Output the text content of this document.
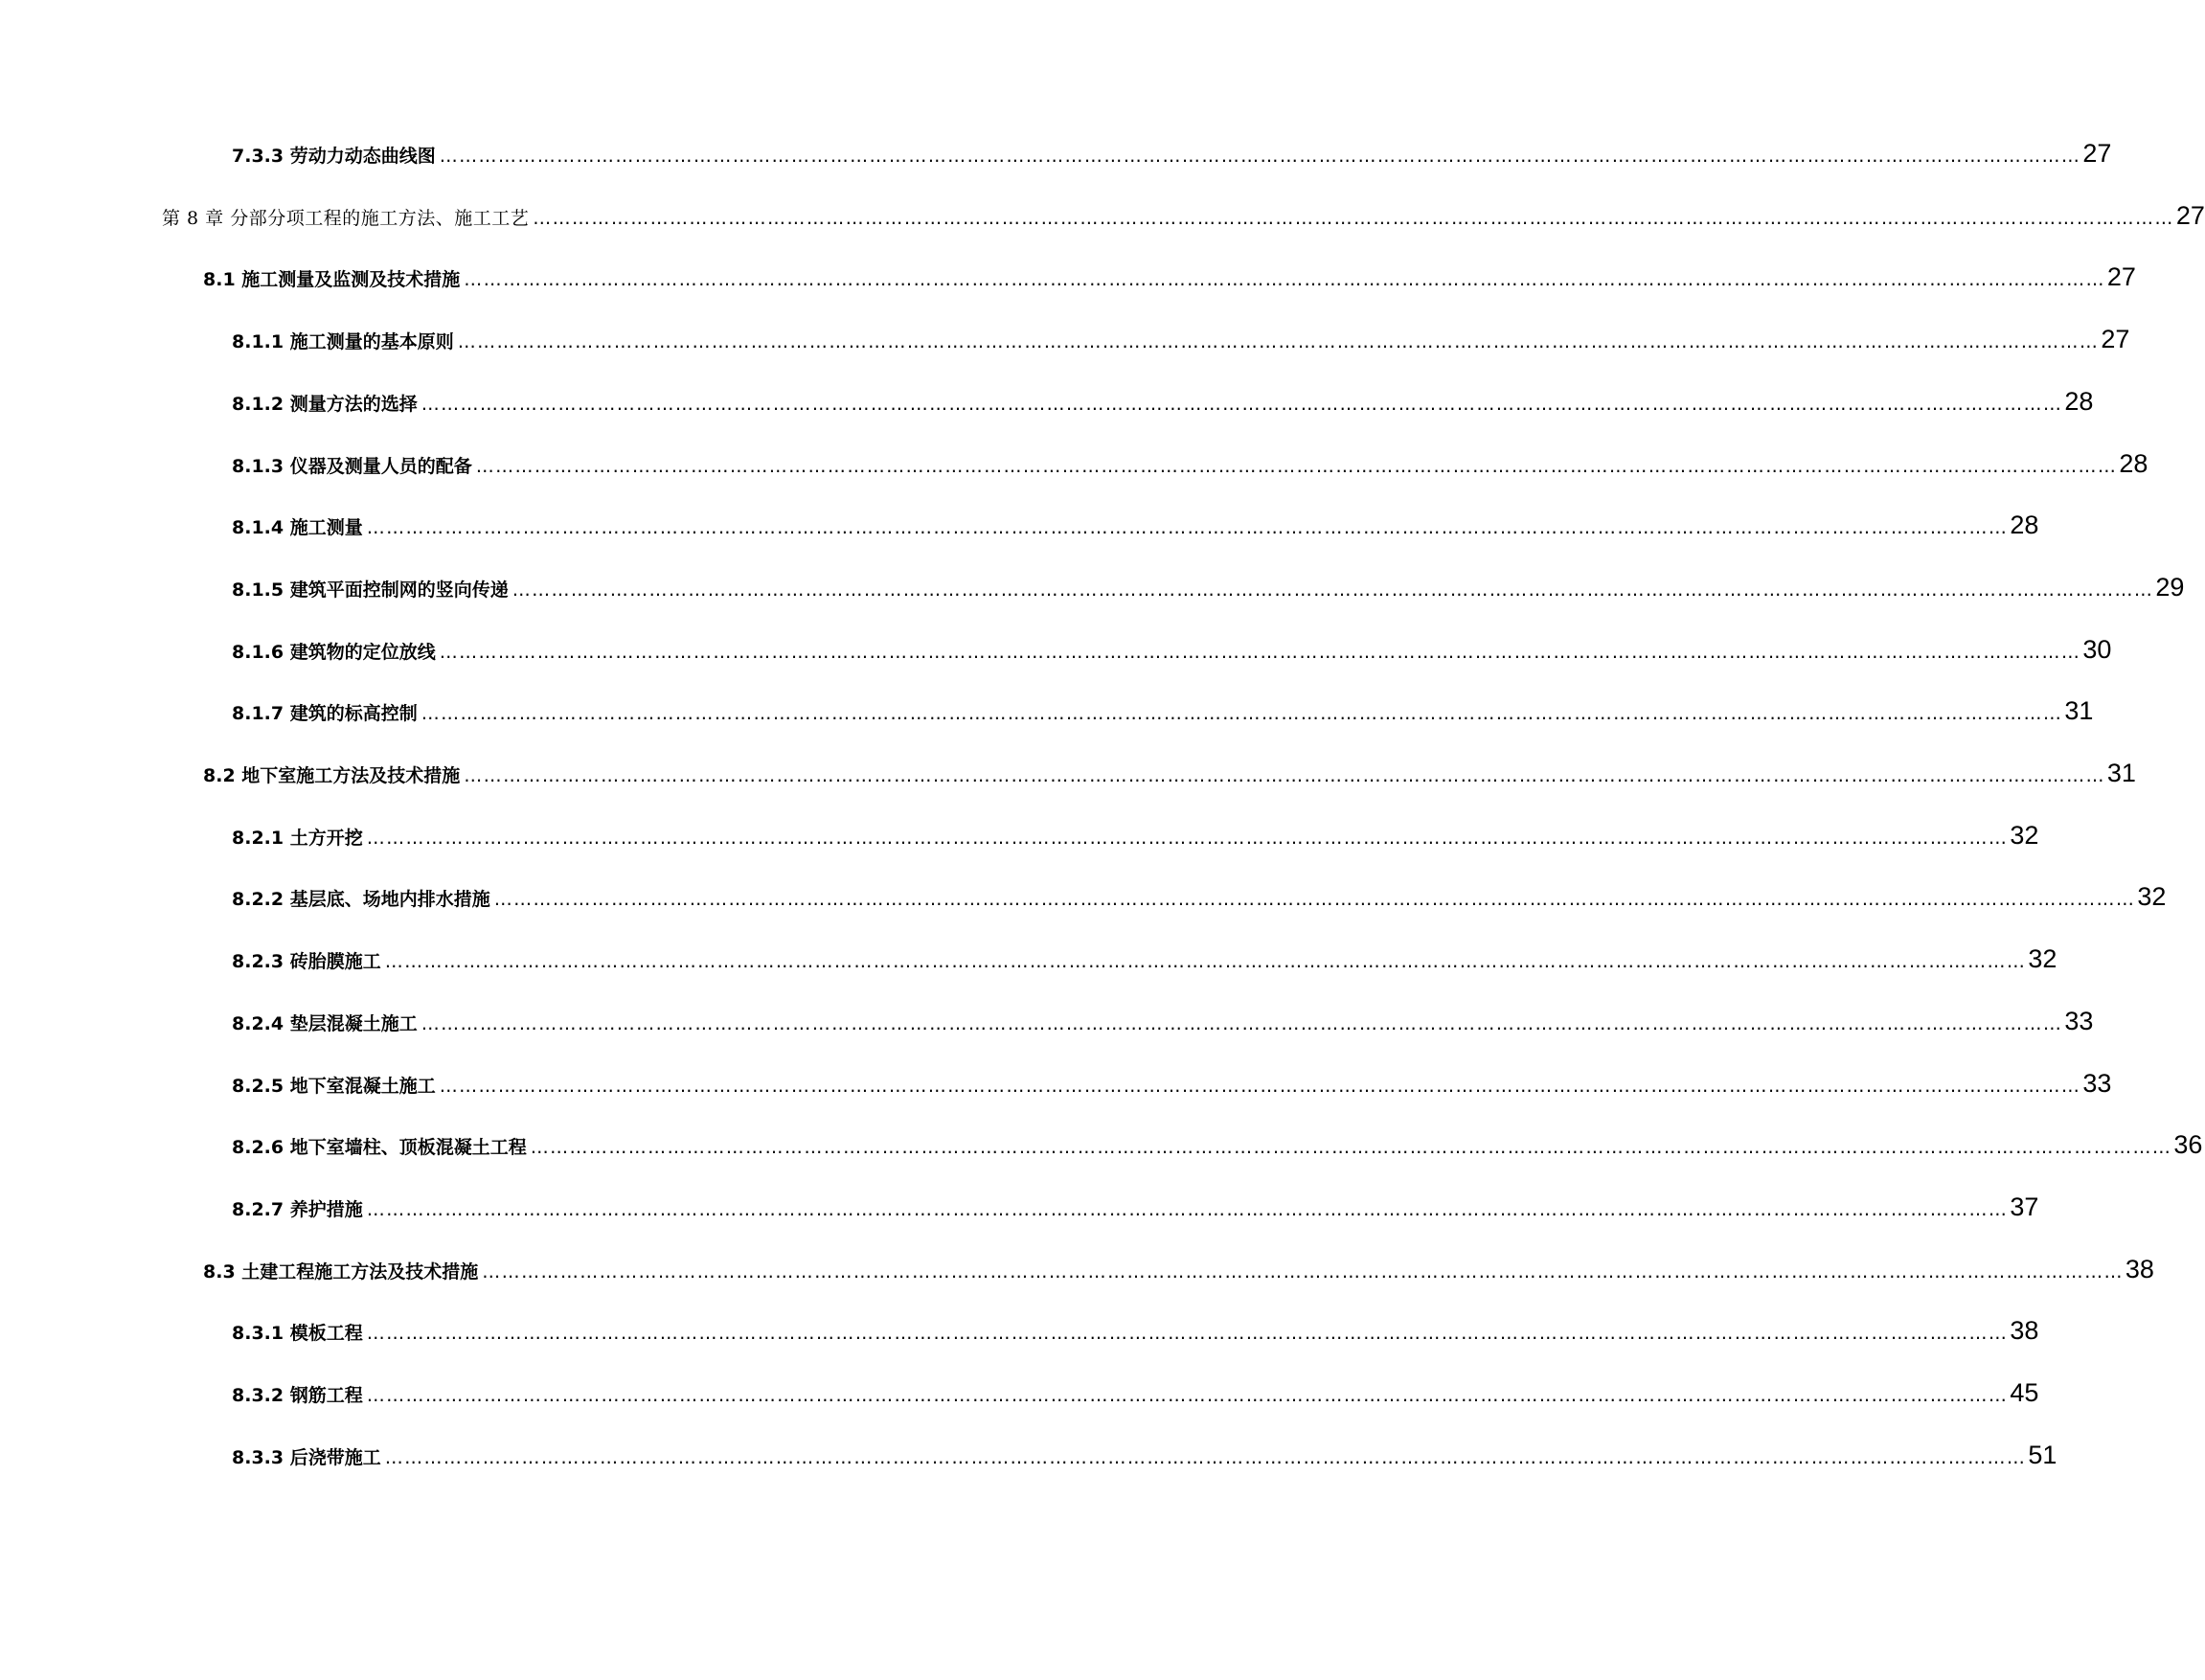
7.3.3 劳动力动态曲线图 ……………………………………………………………………………………………………………………………………………………………………………………………………………………………… 27
第 8 章 分部分项工程的施工方法、施工工艺 ……………………………………………………………………………………………………………………………………………………………………………………………………………………………… 27
8.1 施工测量及监测及技术措施 ……………………………………………………………………………………………………………………………………………………………………………………………………………………………… 27
8.1.1 施工测量的基本原则 ……………………………………………………………………………………………………………………………………………………………………………………………………………………………… 27
8.1.2 测量方法的选择 ……………………………………………………………………………………………………………………………………………………………………………………………………………………………… 28
8.1.3 仪器及测量人员的配备 ……………………………………………………………………………………………………………………………………………………………………………………………………………………………… 28
8.1.4 施工测量 ……………………………………………………………………………………………………………………………………………………………………………………………………………………………… 28
8.1.5 建筑平面控制网的竖向传递 ……………………………………………………………………………………………………………………………………………………………………………………………………………………………… 29
8.1.6 建筑物的定位放线 ……………………………………………………………………………………………………………………………………………………………………………………………………………………………… 30
8.1.7 建筑的标高控制 ……………………………………………………………………………………………………………………………………………………………………………………………………………………………… 31
8.2 地下室施工方法及技术措施 ……………………………………………………………………………………………………………………………………………………………………………………………………………………………… 31
8.2.1 土方开挖 ……………………………………………………………………………………………………………………………………………………………………………………………………………………………… 32
8.2.2 基层底、场地内排水措施 ……………………………………………………………………………………………………………………………………………………………………………………………………………………………… 32
8.2.3 砖胎膜施工 ……………………………………………………………………………………………………………………………………………………………………………………………………………………………… 32
8.2.4 垫层混凝土施工 ……………………………………………………………………………………………………………………………………………………………………………………………………………………………… 33
8.2.5 地下室混凝土施工 ……………………………………………………………………………………………………………………………………………………………………………………………………………………………… 33
8.2.6 地下室墙柱、顶板混凝土工程 ……………………………………………………………………………………………………………………………………………………………………………………………………………………………… 36
8.2.7 养护措施 ……………………………………………………………………………………………………………………………………………………………………………………………………………………………… 37
8.3 土建工程施工方法及技术措施 ……………………………………………………………………………………………………………………………………………………………………………………………………………………………… 38
8.3.1 模板工程 ……………………………………………………………………………………………………………………………………………………………………………………………………………………………… 38
8.3.2 钢筋工程 ……………………………………………………………………………………………………………………………………………………………………………………………………………………………… 45
8.3.3 后浇带施工 ……………………………………………………………………………………………………………………………………………………………………………………………………………………………… 51
